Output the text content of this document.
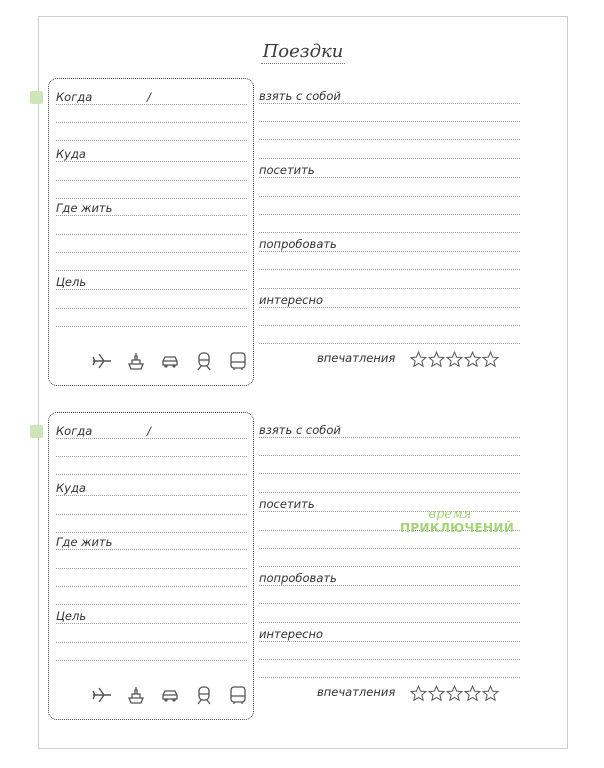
Поездки
Когда	/
Куда
Где жить
Цель
взять с собой
посетить
попробовать
интересно
впечатления
Когда	/
Куда
Где жить
Цель
взять с собой
посетить
попробовать
интересно
впечатления
время
ПРИКЛЮЧЕНИЙ
